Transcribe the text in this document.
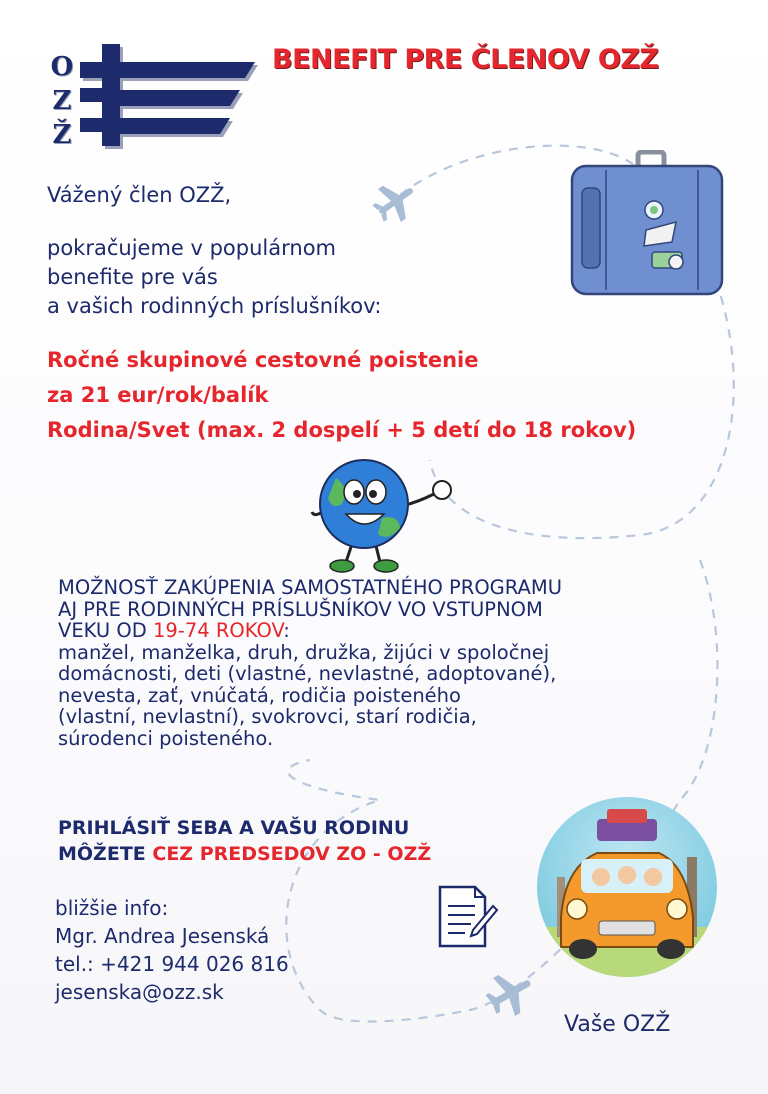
O
Z
Ž
BENEFIT PRE ČLENOV OZŽ
Vážený člen OZŽ,
pokračujeme v populárnom
benefite pre vás
a vašich rodinných príslušníkov:
Ročné skupinové cestovné poistenie
za 21 eur/rok/balík
Rodina/Svet (max. 2 dospelí + 5 detí do 18 rokov)
MOŽNOSŤ ZAKÚPENIA SAMOSTATNÉHO PROGRAMU
AJ PRE RODINNÝCH PRÍSLUŠNÍKOV VO VSTUPNOM
VEKU OD 19-74 ROKOV:
manžel, manželka, druh, družka, žijúci v spoločnej
domácnosti, deti (vlastné, nevlastné, adoptované),
nevesta, zať, vnúčatá, rodičia poisteného
(vlastní, nevlastní), svokrovci, starí rodičia,
súrodenci poisteného.
PRIHLÁSIŤ SEBA A VAŠU RODINU
MÔŽETE CEZ PREDSEDOV ZO - OZŽ
bližšie info:
Mgr. Andrea Jesenská
tel.: +421 944 026 816
jesenska@ozz.sk
Vaše OZŽ
